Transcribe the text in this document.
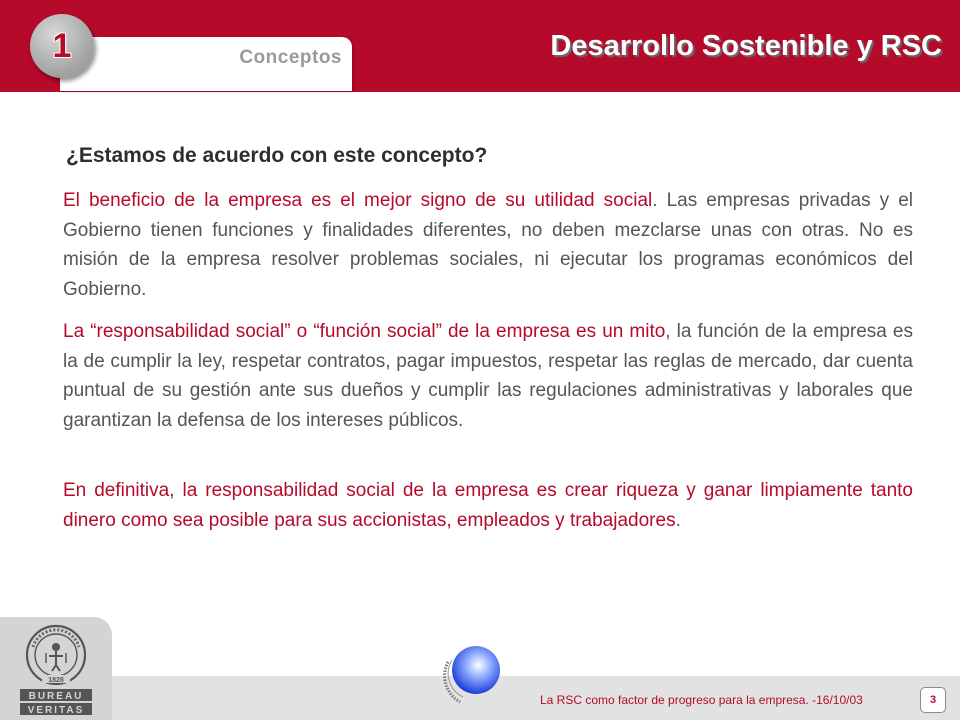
Conceptos
1	Desarrollo Sostenible y RSC
¿Estamos de acuerdo con este concepto?

El beneficio de la empresa es el mejor signo de su utilidad social. Las empresas privadas y el Gobierno tienen funciones y finalidades diferentes, no deben mezclarse unas con otras. No es misión de la empresa resolver problemas sociales, ni ejecutar los programas económicos del Gobierno.

La “responsabilidad social” o “función social” de la empresa es un mito, la función de la empresa es la de cumplir la ley, respetar contratos, pagar impuestos, respetar las reglas de mercado, dar cuenta puntual de su gestión ante sus dueños y cumplir las regulaciones administrativas y laborales que garantizan la defensa de los intereses públicos.

En definitiva, la responsabilidad social de la empresa es crear riqueza y ganar limpiamente tanto dinero como sea posible para sus accionistas, empleados y trabajadores.

1828
BUREAU
VERITAS
La RSC como factor de progreso para la empresa. -16/10/03	3
